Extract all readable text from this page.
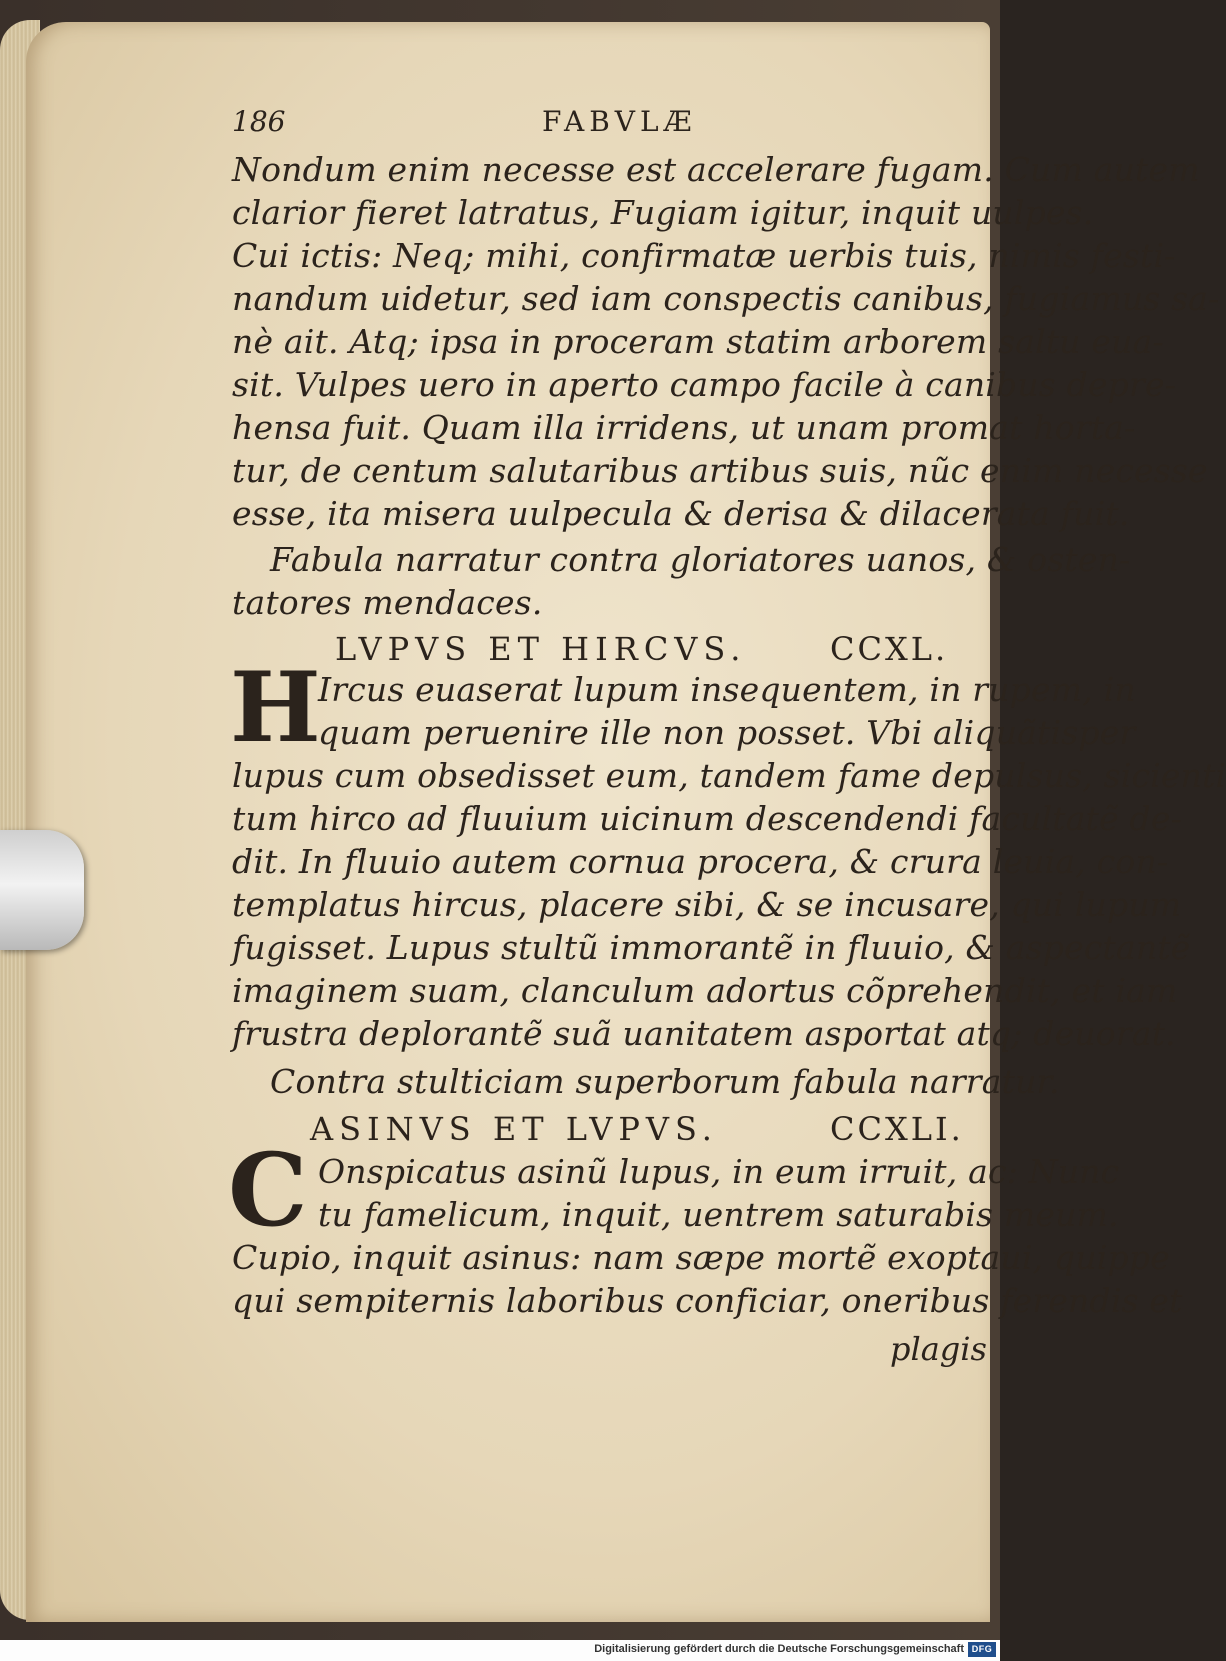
186	FABVLÆ
Nondum enim necesse est accelerare fugam. Cum autem
clarior fieret latratus, Fugiam igitur, inquit uulpes.
Cui ictis: Neq; mihi, confirmatæ uerbis tuis, nimis festi-
nandum uidetur, sed iam conspectis canibus, fugiamus sa-
nè ait. Atq; ipsa in proceram statim arborem saltu eua-
sit. Vulpes uero in aperto campo facile à canibus depre-
hensa fuit. Quam illa irridens, ut unam promat horta-
tur, de centum salutaribus artibus suis, nũc enim necesse
esse, ita misera uulpecula & derisa & dilacerata fuit.
Fabula narratur contra gloriatores uanos, & osten-
tatores mendaces.
LVPVS ET HIRCVS.	CCXL.
H
Ircus euaserat lupum insequentem, in rupem, in
quam peruenire ille non posset. Vbi aliquãtisper
lupus cum obsedisset eum, tandem fame depulsus, sicienti
tum hirco ad fluuium uicinum descendendi facultatẽ de-
dit. In fluuio autem cornua procera, & crura leuia, con-
templatus hircus, placere sibi, & se incusare, qui lupum
fugisset. Lupus stultũ immorantẽ in fluuio, & aspectantẽ
imaginem suam, clanculum adortus cõprehendit, et iam
frustra deplorantẽ suã uanitatem asportat atq; deuorat.
Contra stulticiam superborum fabula narratur.
ASINVS ET LVPVS.	CCXLI.
C Onspicatus asinũ lupus, in eum irruit, ac: Nunc
tu famelicum, inquit, uentrem saturabis meum.
Cupio, inquit asinus: nam sæpe mortẽ exoptaui, quippe
qui sempiternis laboribus conficiar, oneribus ferendis et
plagis
Digitalisierung gefördert durch die Deutsche Forschungsgemeinschaft DFG
